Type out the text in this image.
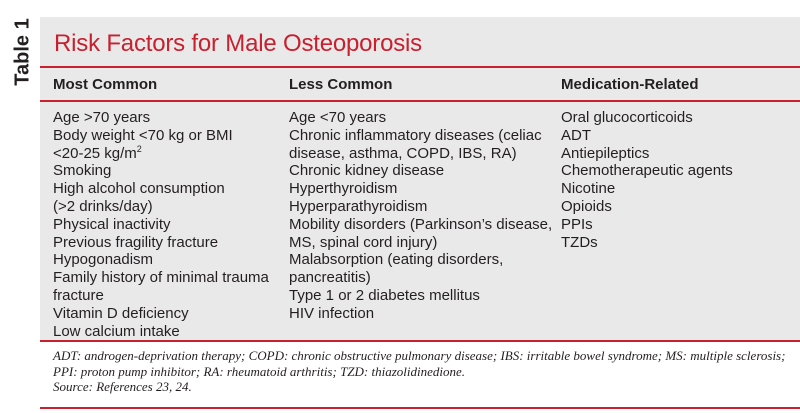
Table 1 Risk Factors for Male Osteoporosis
Most Common	Less Common	Medication-Related
Age >70 years
Body weight <70 kg or BMI
<20-25 $kg/m^2$
Smoking
High alcohol consumption
(>2 drinks/day)
Physical inactivity
Previous fragility fracture
Hypogonadism
Family history of minimal trauma
fracture
Vitamin D deficiency
Low calcium intake
Age <70 years
Chronic inflammatory diseases (celiac
disease, asthma, COPD, IBS, RA)
Chronic kidney disease
Hyperthyroidism
Hyperparathyroidism
Mobility disorders (Parkinson’s disease,
MS, spinal cord injury)
Malabsorption (eating disorders,
pancreatitis)
Type 1 or 2 diabetes mellitus
HIV infection
Oral glucocorticoids
ADT
Antiepileptics
Chemotherapeutic agents
Nicotine
Opioids
PPIs
TZDs
ADT: androgen-deprivation therapy; COPD: chronic obstructive pulmonary disease; IBS: irritable bowel syndrome; MS: multiple sclerosis; PPI: proton pump inhibitor; RA: rheumatoid arthritis; TZD: thiazolidinedione.
Source: References 23, 24.
